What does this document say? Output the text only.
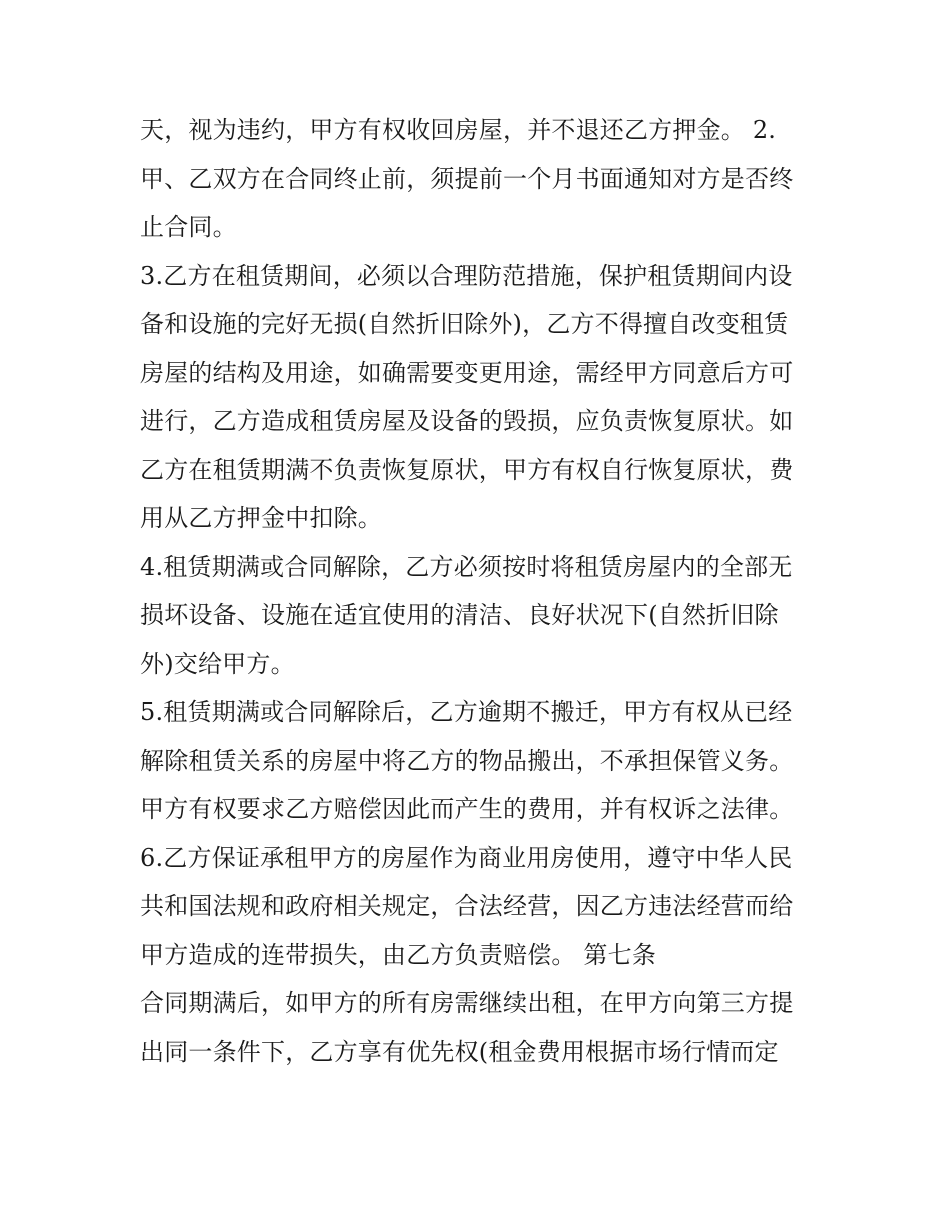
天，视为违约，甲方有权收回房屋，并不退还乙方押金。 2.
甲、乙双方在合同终止前，须提前一个月书面通知对方是否终
止合同。
3.乙方在租赁期间，必须以合理防范措施，保护租赁期间内设
备和设施的完好无损(自然折旧除外)，乙方不得擅自改变租赁
房屋的结构及用途，如确需要变更用途，需经甲方同意后方可
进行，乙方造成租赁房屋及设备的毁损，应负责恢复原状。如
乙方在租赁期满不负责恢复原状，甲方有权自行恢复原状，费
用从乙方押金中扣除。
4.租赁期满或合同解除，乙方必须按时将租赁房屋内的全部无
损坏设备、设施在适宜使用的清洁、良好状况下(自然折旧除
外)交给甲方。
5.租赁期满或合同解除后，乙方逾期不搬迁，甲方有权从已经
解除租赁关系的房屋中将乙方的物品搬出，不承担保管义务。
甲方有权要求乙方赔偿因此而产生的费用，并有权诉之法律。
6.乙方保证承租甲方的房屋作为商业用房使用，遵守中华人民
共和国法规和政府相关规定，合法经营，因乙方违法经营而给
甲方造成的连带损失，由乙方负责赔偿。 第七条
合同期满后，如甲方的所有房需继续出租，在甲方向第三方提
出同一条件下，乙方享有优先权(租金费用根据市场行情而定
